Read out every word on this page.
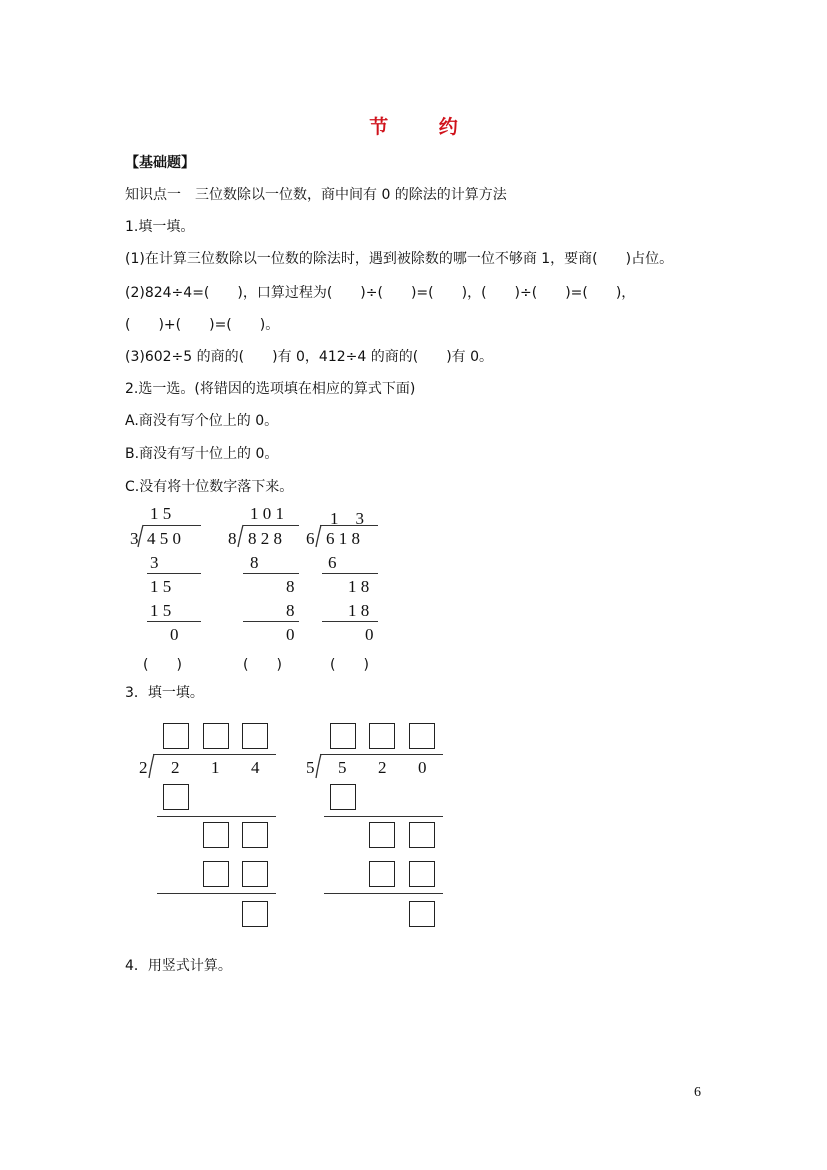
节 约
【基础题】
知识点一　三位数除以一位数，商中间有 0 的除法的计算方法
1.填一填。
(1)在计算三位数除以一位数的除法时，遇到被除数的哪一位不够商 1，要商(　　)占位。
(2)824÷4=(　　)，口算过程为(　　)÷(　　)=(　　)，(　　)÷(　　)=(　　)，
(　　)+(　　)=(　　)。
(3)602÷5 的商的(　　)有 0，412÷4 的商的(　　)有 0。
2.选一选。(将错因的选项填在相应的算式下面)
A.商没有写个位上的 0。
B.商没有写十位上的 0。
C.没有将十位数字落下来。
1 5
3 4 5 0
3
1 5
1 5
0
(　　)
1 0 1
8 8 2 8
8
8
8
0
(　　)
1　3
6 6 1 8
6
1 8
1 8
0
(　　)
3．填一填。
2 2 1 4	5 5 2 0
4．用竖式计算。
6
